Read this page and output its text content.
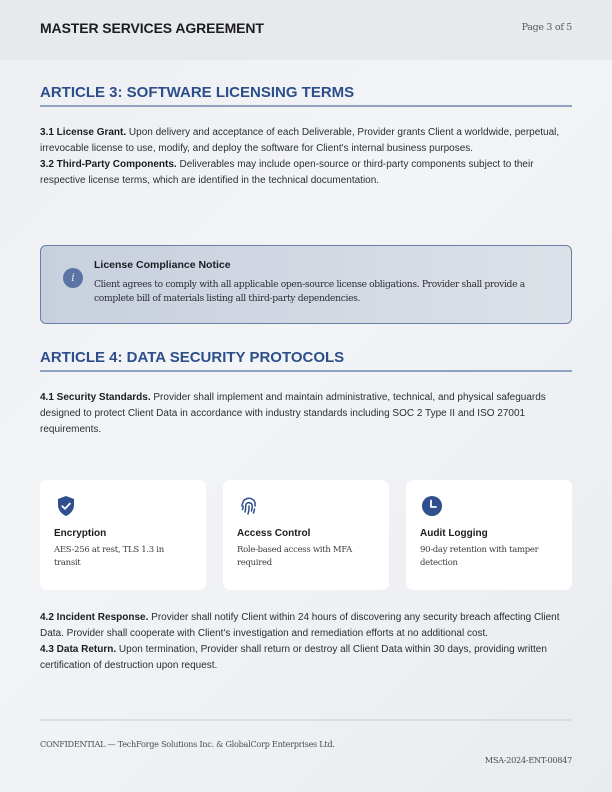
MASTER SERVICES AGREEMENT	Page 3 of 5
ARTICLE 3: SOFTWARE LICENSING TERMS
3.1 License Grant. Upon delivery and acceptance of each Deliverable, Provider grants Client a worldwide, perpetual, irrevocable license to use, modify, and deploy the software for Client's internal business purposes.
3.2 Third-Party Components. Deliverables may include open-source or third-party components subject to their respective license terms, which are identified in the technical documentation.
i
License Compliance Notice
Client agrees to comply with all applicable open-source license obligations. Provider shall provide a complete bill of materials listing all third-party dependencies.
ARTICLE 4: DATA SECURITY PROTOCOLS
4.1 Security Standards. Provider shall implement and maintain administrative, technical, and physical safeguards designed to protect Client Data in accordance with industry standards including SOC 2 Type II and ISO 27001 requirements.
Encryption
AES-256 at rest, TLS 1.3 in transit
Access Control
Role-based access with MFA required
Audit Logging
90-day retention with tamper detection
4.2 Incident Response. Provider shall notify Client within 24 hours of discovering any security breach affecting Client Data. Provider shall cooperate with Client's investigation and remediation efforts at no additional cost.
4.3 Data Return. Upon termination, Provider shall return or destroy all Client Data within 30 days, providing written certification of destruction upon request.
CONFIDENTIAL — TechForge Solutions Inc. & GlobalCorp Enterprises Ltd.
MSA-2024-ENT-00847
